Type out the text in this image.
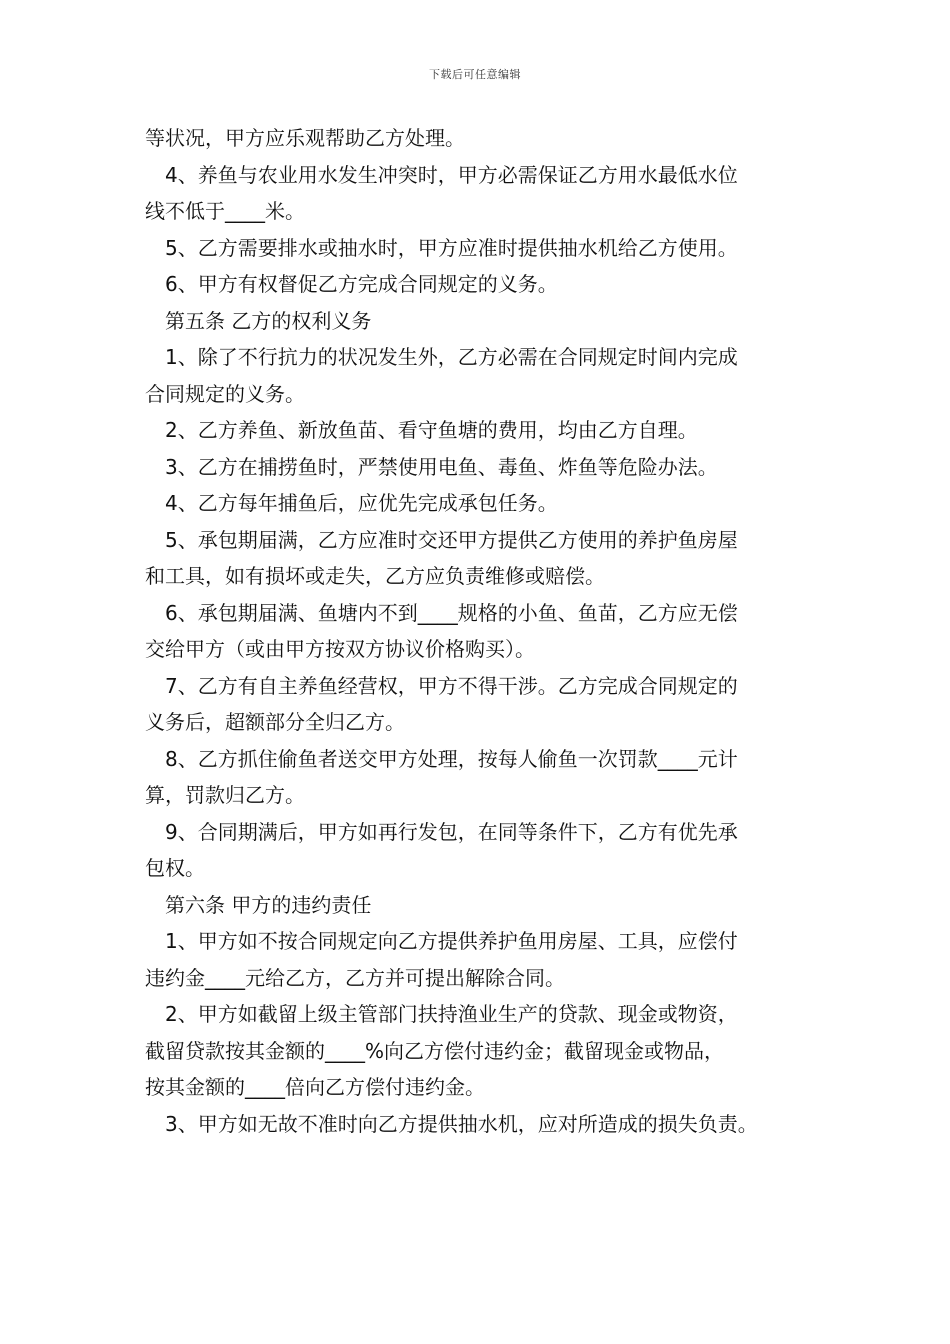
下载后可任意编辑

等状况，甲方应乐观帮助乙方处理。

4、养鱼与农业用水发生冲突时，甲方必需保证乙方用水最低水位

线不低于____米。

5、乙方需要排水或抽水时，甲方应准时提供抽水机给乙方使用。

6、甲方有权督促乙方完成合同规定的义务。

第五条 乙方的权利义务

1、除了不行抗力的状况发生外，乙方必需在合同规定时间内完成

合同规定的义务。

2、乙方养鱼、新放鱼苗、看守鱼塘的费用，均由乙方自理。

3、乙方在捕捞鱼时，严禁使用电鱼、毒鱼、炸鱼等危险办法。

4、乙方每年捕鱼后，应优先完成承包任务。

5、承包期届满，乙方应准时交还甲方提供乙方使用的养护鱼房屋

和工具，如有损坏或走失，乙方应负责维修或赔偿。

6、承包期届满、鱼塘内不到____规格的小鱼、鱼苗，乙方应无偿

交给甲方（或由甲方按双方协议价格购买）。

7、乙方有自主养鱼经营权，甲方不得干涉。乙方完成合同规定的

义务后，超额部分全归乙方。

8、乙方抓住偷鱼者送交甲方处理，按每人偷鱼一次罚款____元计

算，罚款归乙方。

9、合同期满后，甲方如再行发包，在同等条件下，乙方有优先承

包权。

第六条 甲方的违约责任

1、甲方如不按合同规定向乙方提供养护鱼用房屋、工具，应偿付

违约金____元给乙方，乙方并可提出解除合同。

2、甲方如截留上级主管部门扶持渔业生产的贷款、现金或物资，

截留贷款按其金额的____%向乙方偿付违约金；截留现金或物品，

按其金额的____倍向乙方偿付违约金。

3、甲方如无故不准时向乙方提供抽水机，应对所造成的损失负责。
